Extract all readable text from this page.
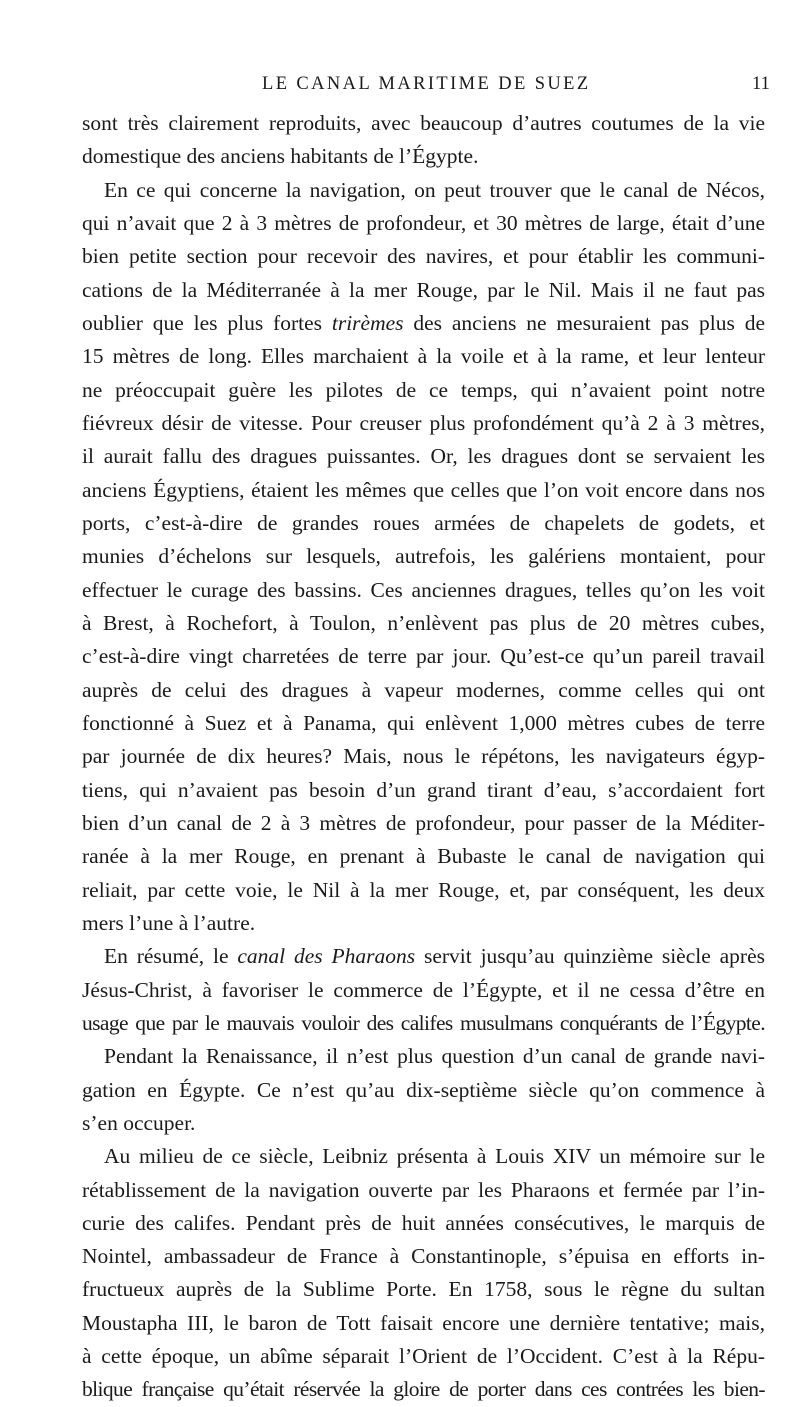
LE CANAL MARITIME DE SUEZ	11
sont très clairement reproduits, avec beaucoup d’autres coutumes de la vie
domestique des anciens habitants de l’Égypte.
En ce qui concerne la navigation, on peut trouver que le canal de Nécos,
qui n’avait que 2 à 3 mètres de profondeur, et 30 mètres de large, était d’une
bien petite section pour recevoir des navires, et pour établir les communi-
cations de la Méditerranée à la mer Rouge, par le Nil. Mais il ne faut pas
oublier que les plus fortes trirèmes des anciens ne mesuraient pas plus de
15 mètres de long. Elles marchaient à la voile et à la rame, et leur lenteur
ne préoccupait guère les pilotes de ce temps, qui n’avaient point notre
fiévreux désir de vitesse. Pour creuser plus profondément qu’à 2 à 3 mètres,
il aurait fallu des dragues puissantes. Or, les dragues dont se servaient les
anciens Égyptiens, étaient les mêmes que celles que l’on voit encore dans nos
ports, c’est-à-dire de grandes roues armées de chapelets de godets, et
munies d’échelons sur lesquels, autrefois, les galériens montaient, pour
effectuer le curage des bassins. Ces anciennes dragues, telles qu’on les voit
à Brest, à Rochefort, à Toulon, n’enlèvent pas plus de 20 mètres cubes,
c’est-à-dire vingt charretées de terre par jour. Qu’est-ce qu’un pareil travail
auprès de celui des dragues à vapeur modernes, comme celles qui ont
fonctionné à Suez et à Panama, qui enlèvent 1,000 mètres cubes de terre
par journée de dix heures? Mais, nous le répétons, les navigateurs égyp-
tiens, qui n’avaient pas besoin d’un grand tirant d’eau, s’accordaient fort
bien d’un canal de 2 à 3 mètres de profondeur, pour passer de la Méditer-
ranée à la mer Rouge, en prenant à Bubaste le canal de navigation qui
reliait, par cette voie, le Nil à la mer Rouge, et, par conséquent, les deux
mers l’une à l’autre.
En résumé, le canal des Pharaons servit jusqu’au quinzième siècle après
Jésus-Christ, à favoriser le commerce de l’Égypte, et il ne cessa d’être en
usage que par le mauvais vouloir des califes musulmans conquérants de l’Égypte.
Pendant la Renaissance, il n’est plus question d’un canal de grande navi-
gation en Égypte. Ce n’est qu’au dix-septième siècle qu’on commence à
s’en occuper.
Au milieu de ce siècle, Leibniz présenta à Louis XIV un mémoire sur le
rétablissement de la navigation ouverte par les Pharaons et fermée par l’in-
curie des califes. Pendant près de huit années consécutives, le marquis de
Nointel, ambassadeur de France à Constantinople, s’épuisa en efforts in-
fructueux auprès de la Sublime Porte. En 1758, sous le règne du sultan
Moustapha III, le baron de Tott faisait encore une dernière tentative; mais,
à cette époque, un abîme séparait l’Orient de l’Occident. C’est à la Répu-
blique française qu’était réservée la gloire de porter dans ces contrées les bien-
